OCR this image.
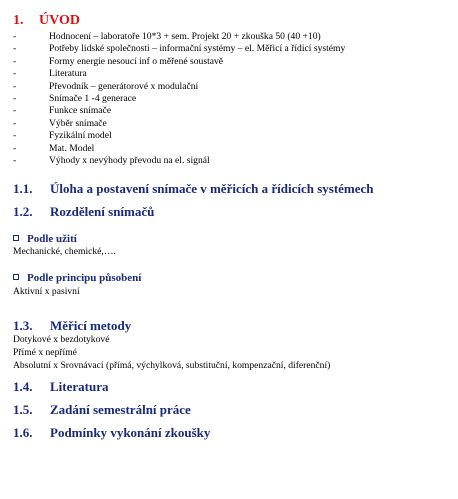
1. ÚVOD
-	Hodnocení – laboratoře 10*3 + sem. Projekt 20 + zkouška 50 (40 +10)
-	Potřeby lidské společnosti – informační systémy – el. Měřicí a řídicí systémy
-	Formy energie nesoucí inf o měřené soustavě
-	Literatura
-	Převodník – generátorové x modulační
-	Snímače 1 -4 generace
-	Funkce snímače
-	Výběr snímače
-	Fyzikální model
-	Mat. Model
-	Výhody x nevýhody převodu na el. signál
1.1. Úloha a postavení snímače v měřicích a řídicích systémech
1.2. Rozdělení snímačů
Podle užití
Mechanické, chemické,….
Podle principu působení
Aktivní x pasivní
1.3. Měřicí metody
Dotykové x bezdotykové
Přímé x nepřímé
Absolutní x Srovnávací (přímá, výchylková, substituční, kompenzační, diferenční)
1.4. Literatura
1.5. Zadání semestrální práce
1.6. Podmínky vykonání zkoušky
